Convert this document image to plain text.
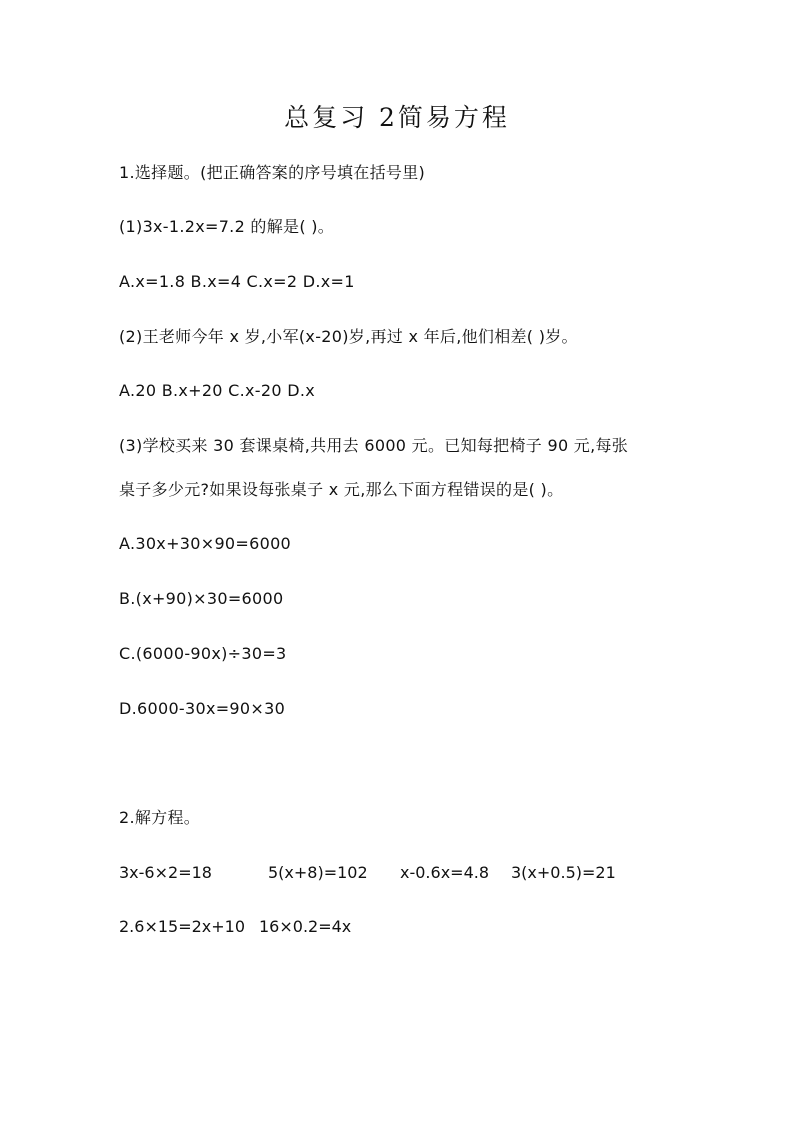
总复习 2简易方程
1.选择题。(把正确答案的序号填在括号里)
(1)3x-1.2x=7.2 的解是( )。
A.x=1.8 B.x=4 C.x=2 D.x=1
(2)王老师今年 x 岁,小军(x-20)岁,再过 x 年后,他们相差( )岁。
A.20 B.x+20 C.x-20 D.x
(3)学校买来 30 套课桌椅,共用去 6000 元。已知每把椅子 90 元,每张
桌子多少元?如果设每张桌子 x 元,那么下面方程错误的是( )。
A.30x+30×90=6000
B.(x+90)×30=6000
C.(6000-90x)÷30=3
D.6000-30x=90×30
2.解方程。
3x-6×2=18	5(x+8)=102 x-0.6x=4.8 3(x+0.5)=21
2.6×15=2x+10 16×0.2=4x
